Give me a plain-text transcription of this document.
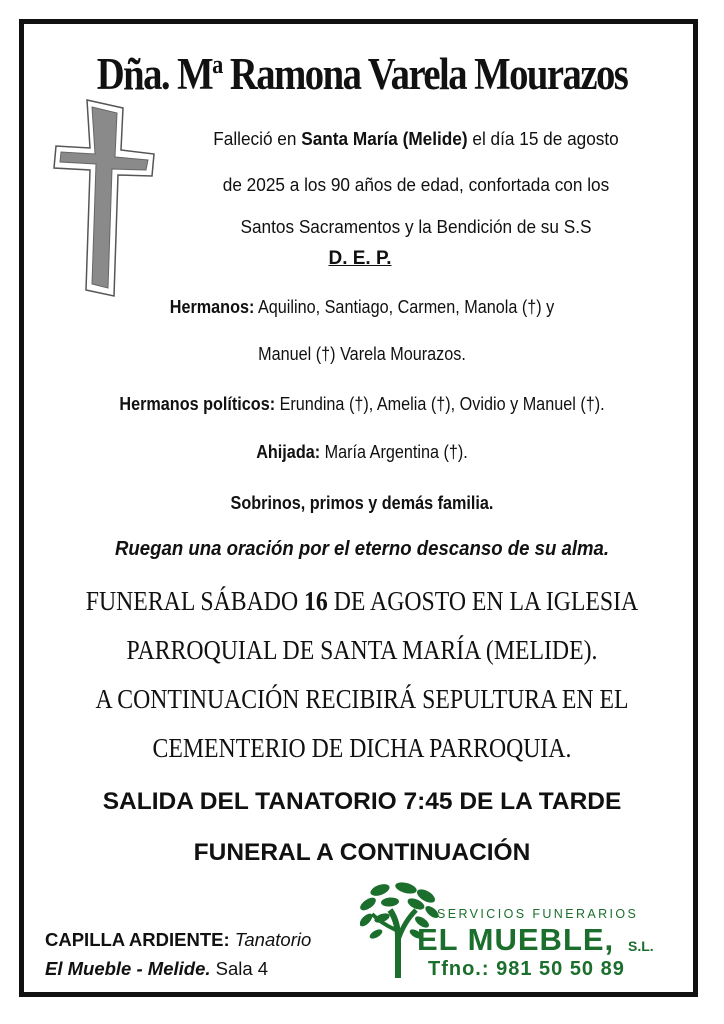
Dña. $M^a$ Ramona Varela Mourazos
Falleció en Santa María (Melide) el día 15 de agosto
de 2025 a los 90 años de edad, confortada con los
Santos Sacramentos y la Bendición de su S.S
D. E. P.
Hermanos: Aquilino, Santiago, Carmen, Manola (†) y
Manuel (†) Varela Mourazos.
Hermanos políticos: Erundina (†), Amelia (†), Ovidio y Manuel (†).
Ahijada: María Argentina (†).
Sobrinos, primos y demás familia.
Ruegan una oración por el eterno descanso de su alma.
FUNERAL SÁBADO 16 DE AGOSTO EN LA IGLESIA
PARROQUIAL DE SANTA MARÍA (MELIDE).
A CONTINUACIÓN RECIBIRÁ SEPULTURA EN EL
CEMENTERIO DE DICHA PARROQUIA.
SALIDA DEL TANATORIO 7:45 DE LA TARDE
FUNERAL A CONTINUACIÓN
CAPILLA ARDIENTE: Tanatorio
El Mueble - Melide. Sala 4
SERVICIOS FUNERARIOS
EL MUEBLE, S.L.
Tfno.: 981 50 50 89
